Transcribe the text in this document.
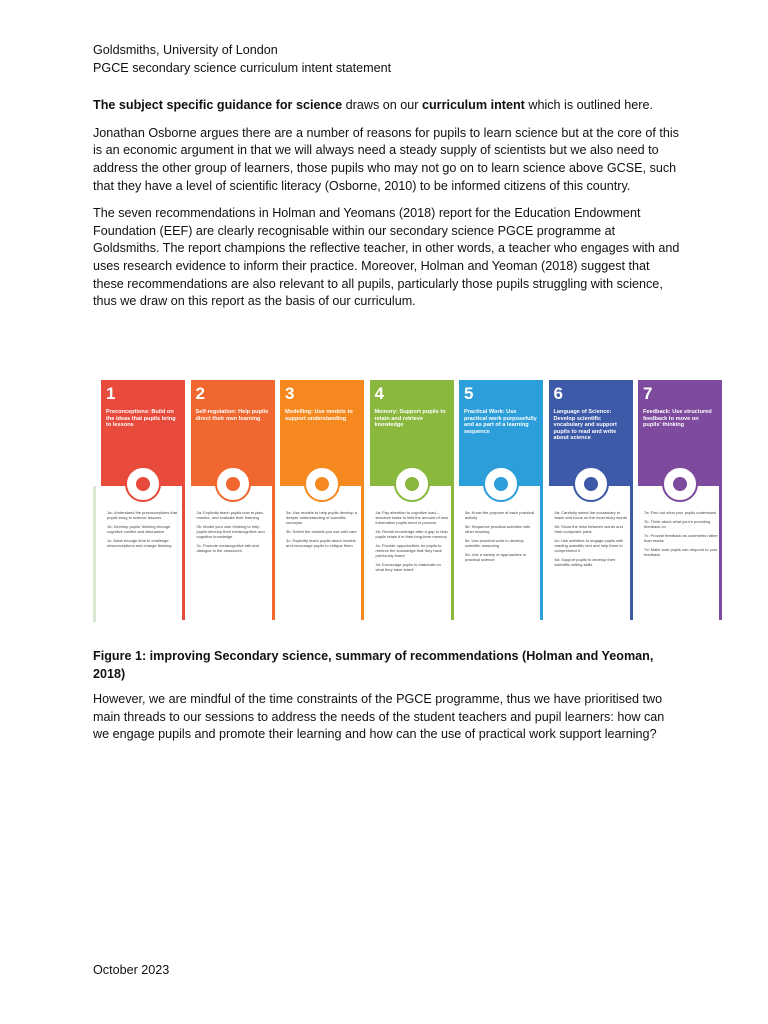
Goldsmiths, University of London

PGCE secondary science curriculum intent statement

The subject specific guidance for science draws on our curriculum intent which is outlined here.

Jonathan Osborne argues there are a number of reasons for pupils to learn science but at the core of this is an economic argument in that we will always need a steady supply of scientists but we also need to address the other group of learners, those pupils who may not go on to learn science above GCSE, such that they have a level of scientific literacy (Osborne, 2010) to be informed citizens of this country.

The seven recommendations in Holman and Yeomans (2018) report for the Education Endowment Foundation (EEF) are clearly recognisable within our secondary science PGCE programme at Goldsmiths. The report champions the reflective teacher, in other words, a teacher who engages with and uses research evidence to inform their practice. Moreover, Holman and Yeoman (2018) suggest that these recommendations are also relevant to all pupils, particularly those pupils struggling with science, thus we draw on this report as the basis of our curriculum.

1
Preconceptions: Build on the ideas that pupils bring to lessons
1a: Understand the preconceptions that pupils bring to science lessons
1b: Develop pupils' thinking through cognitive conflict and discussion
1c: Allow enough time to challenge misconceptions and change thinking
2
Self-regulation: Help pupils direct their own learning
2a: Explicitly teach pupils how to plan, monitor, and evaluate their learning
2b: Model your own thinking to help pupils develop their metacognitive and cognitive knowledge
2c: Promote metacognitive talk and dialogue in the classroom
3
Modelling: Use models to support understanding
3a: Use models to help pupils develop a deeper understanding of scientific concepts
3b: Select the models you use with care
3c: Explicitly teach pupils about models and encourage pupils to critique them
4
Memory: Support pupils to retain and retrieve knowledge
4a: Pay attention to cognitive load—structure tasks to limit the amount of new information pupils need to process
4b: Revisit knowledge after a gap to help pupils retain it in their long-term memory
4c: Provide opportunities for pupils to retrieve the knowledge that they have previously learnt
4d: Encourage pupils to elaborate on what they have learnt
5
Practical Work: Use practical work purposefully and as part of a learning sequence
5a: Know the purpose of each practical activity
5b: Sequence practical activities with other learning
5c: Use practical work to develop scientific reasoning
5d: Use a variety of approaches to practical science
6
Language of Science: Develop scientific vocabulary and support pupils to read and write about science
6a: Carefully select the vocabulary to teach and focus on the most tricky words
6b: Show the links between words and their composite parts
6c: Use activities to engage pupils with reading scientific text and help them to comprehend it
6d: Support pupils to develop their scientific writing skills
7
Feedback: Use structured feedback to move on pupils' thinking
7a: Find out what your pupils understand
7b: Think about what you're providing feedback on
7c: Provide feedback as comments rather than marks
7d: Make sure pupils can respond to your feedback
Figure 1: improving Secondary science, summary of recommendations (Holman and Yeoman, 2018)
However, we are mindful of the time constraints of the PGCE programme, thus we have prioritised two main threads to our sessions to address the needs of the student teachers and pupil learners: how can we engage pupils and promote their learning and how can the use of practical work support learning?
October 2023
